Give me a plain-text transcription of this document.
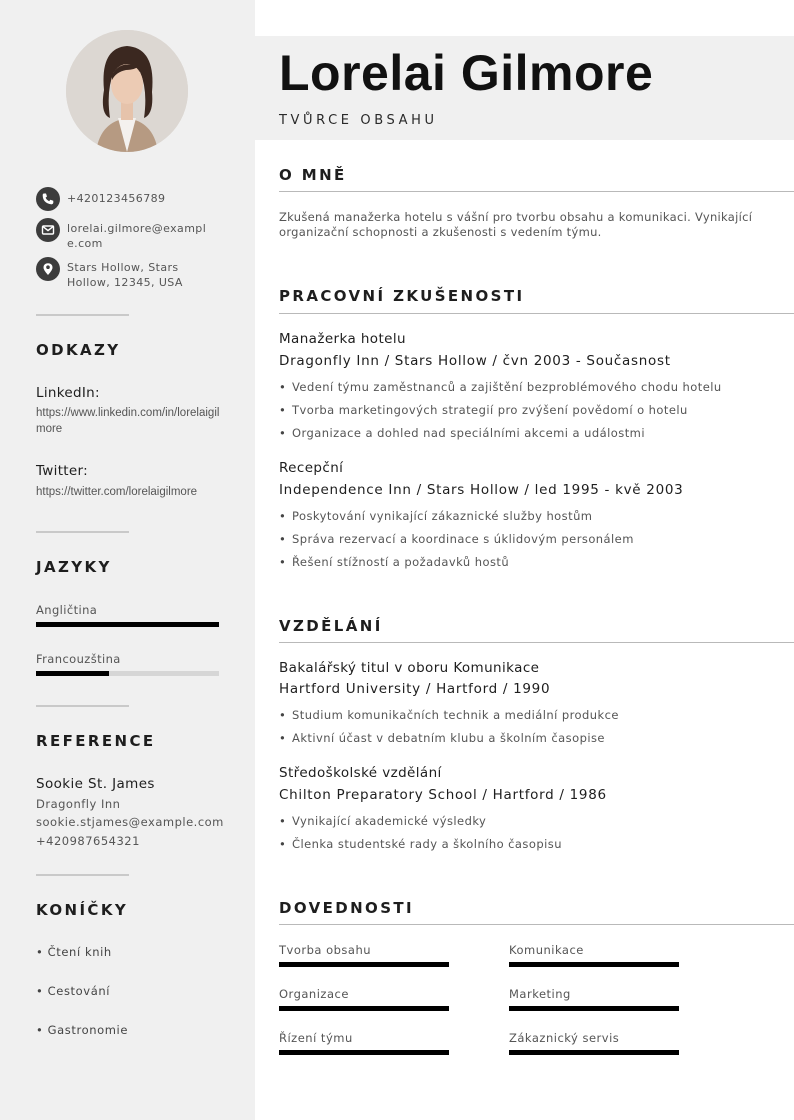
+420123456789
lorelai.gilmore@example.com
Stars Hollow, Stars Hollow, 12345, USA
ODKAZY
LinkedIn:
https://www.linkedin.com/in/lorelaigilmore
Twitter:
https://twitter.com/lorelaigilmore
JAZYKY
Angličtina
Francouzština
REFERENCE
Sookie St. James
Dragonfly Inn
sookie.stjames@example.com
+420987654321
KONÍČKY
• Čtení knih
• Cestování
• Gastronomie
Lorelai Gilmore
TVŮRCE OBSAHU
O MNĚ
Zkušená manažerka hotelu s vášní pro tvorbu obsahu a komunikaci. Vynikající organizační schopnosti a zkušenosti s vedením týmu.
PRACOVNÍ ZKUŠENOSTI
Manažerka hotelu
Dragonfly Inn / Stars Hollow / čvn 2003 - Současnost
• Vedení týmu zaměstnanců a zajištění bezproblémového chodu hotelu
• Tvorba marketingových strategií pro zvýšení povědomí o hotelu
• Organizace a dohled nad speciálními akcemi a událostmi
Recepční
Independence Inn / Stars Hollow / led 1995 - kvě 2003
• Poskytování vynikající zákaznické služby hostům
• Správa rezervací a koordinace s úklidovým personálem
• Řešení stížností a požadavků hostů
VZDĚLÁNÍ
Bakalářský titul v oboru Komunikace
Hartford University / Hartford / 1990
• Studium komunikačních technik a mediální produkce
• Aktivní účast v debatním klubu a školním časopise
Středoškolské vzdělání
Chilton Preparatory School / Hartford / 1986
• Vynikající akademické výsledky
• Členka studentské rady a školního časopisu
DOVEDNOSTI
Tvorba obsahu	Komunikace
Organizace	Marketing
Řízení týmu	Zákaznický servis
